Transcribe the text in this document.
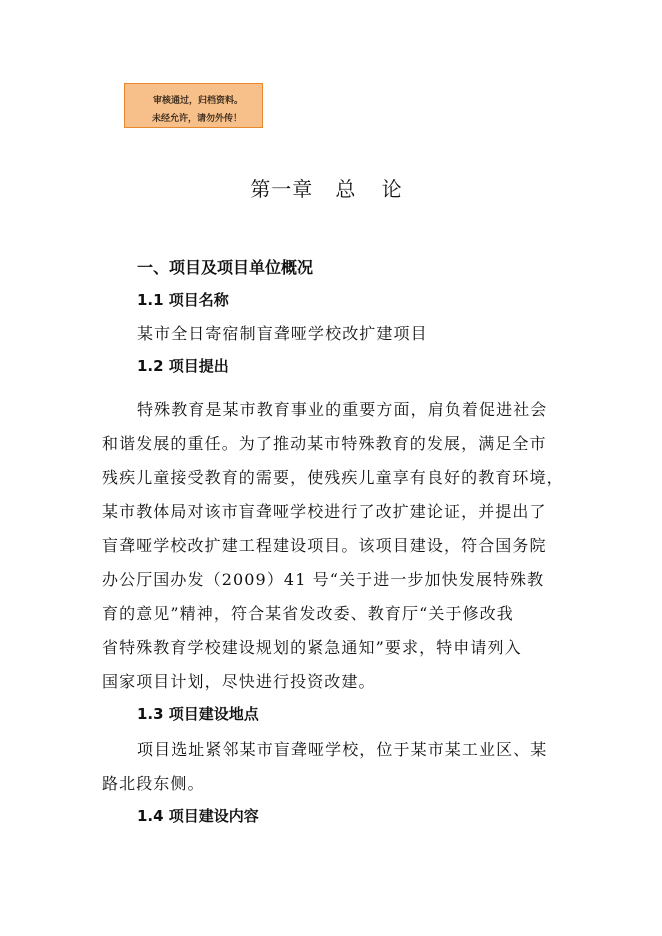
审核通过，归档资料。
未经允许，请勿外传！
第一章 总 论
一、项目及项目单位概况
1.1 项目名称
某市全日寄宿制盲聋哑学校改扩建项目
1.2 项目提出
特殊教育是某市教育事业的重要方面，肩负着促进社会
和谐发展的重任。为了推动某市特殊教育的发展，满足全市
残疾儿童接受教育的需要，使残疾儿童享有良好的教育环境，
某市教体局对该市盲聋哑学校进行了改扩建论证，并提出了
盲聋哑学校改扩建工程建设项目。该项目建设，符合国务院
办公厅国办发（2009）41 号“关于进一步加快发展特殊教
育的意见”精神，符合某省发改委、教育厅“关于修改我
省特殊教育学校建设规划的紧急通知”要求，特申请列入
国家项目计划，尽快进行投资改建。
1.3 项目建设地点
项目选址紧邻某市盲聋哑学校，位于某市某工业区、某
路北段东侧。
1.4 项目建设内容
